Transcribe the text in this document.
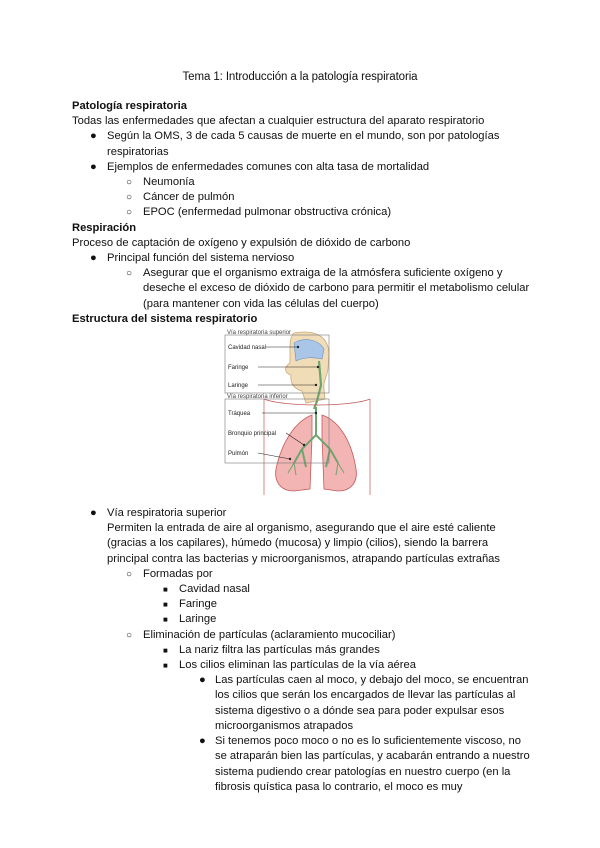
Tema 1: Introducción a la patología respiratoria

Patología respiratoria

Todas las enfermedades que afectan a cualquier estructura del aparato respiratorio

● Según la OMS, 3 de cada 5 causas de muerte en el mundo, son por patologías respiratorias
● Ejemplos de enfermedades comunes con alta tasa de mortalidad
○ Neumonía
○ Cáncer de pulmón
○ EPOC (enfermedad pulmonar obstructiva crónica)

Respiración

Proceso de captación de oxígeno y expulsión de dióxido de carbono

● Principal función del sistema nervioso
○ Asegurar que el organismo extraiga de la atmósfera suficiente oxígeno y deseche el exceso de dióxido de carbono para permitir el metabolismo celular (para mantener con vida las células del cuerpo)

Estructura del sistema respiratorio

Vía respiratoria superior
Cavidad nasal
Faringe
Laringe
Vía respiratoria inferior
Tráquea
Bronquio principal
Pulmón
● Vía respiratoria superior
Permiten la entrada de aire al organismo, asegurando que el aire esté caliente (gracias a los capilares), húmedo (mucosa) y limpio (cilios), siendo la barrera principal contra las bacterias y microorganismos, atrapando partículas extrañas
○ Formadas por
■ Cavidad nasal
■ Faringe
■ Laringe
○ Eliminación de partículas (aclaramiento mucociliar)
■ La nariz filtra las partículas más grandes
■ Los cilios eliminan las partículas de la vía aérea
● Las partículas caen al moco, y debajo del moco, se encuentran los cilios que serán los encargados de llevar las partículas al sistema digestivo o a dónde sea para poder expulsar esos microorganismos atrapados
● Si tenemos poco moco o no es lo suficientemente viscoso, no se atraparán bien las partículas, y acabarán entrando a nuestro sistema pudiendo crear patologías en nuestro cuerpo (en la fibrosis quística pasa lo contrario, el moco es muy
